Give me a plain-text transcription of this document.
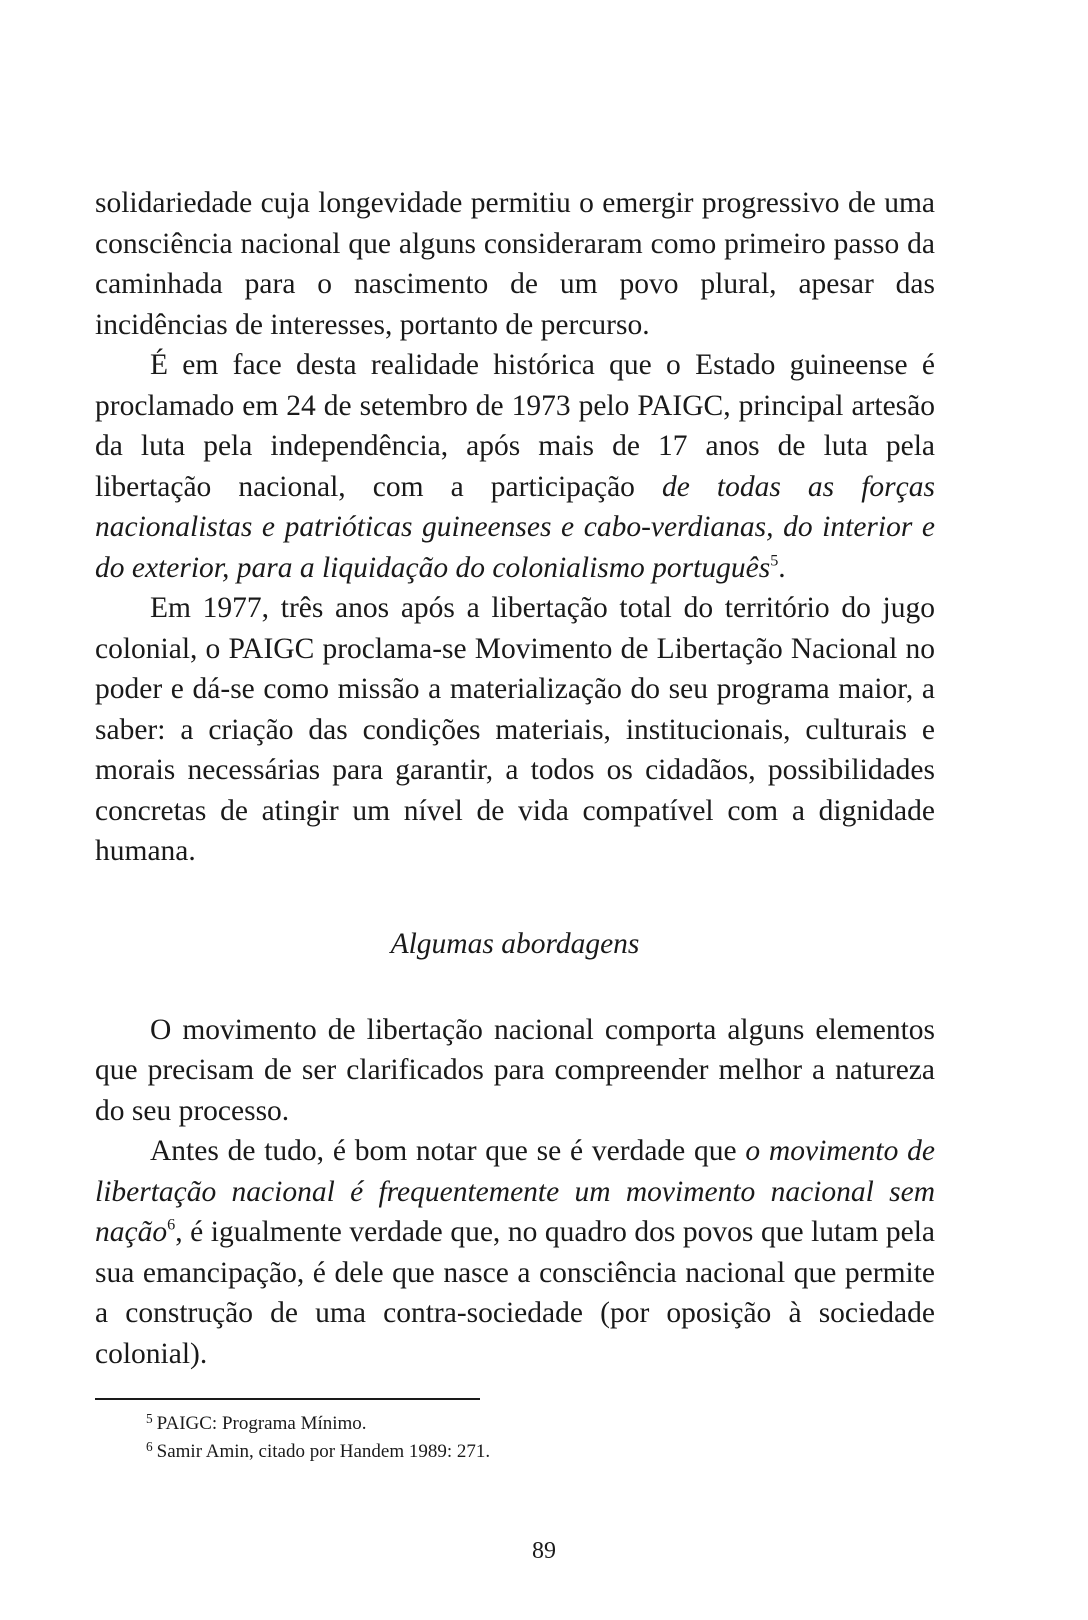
solidariedade cuja longevidade permitiu o emergir progressivo de uma consciência nacional que alguns consideraram como primeiro passo da caminhada para o nascimento de um povo plural, apesar das incidências de interesses, portanto de percurso.

É em face desta realidade histórica que o Estado guineense é proclamado em 24 de setembro de 1973 pelo PAIGC, principal artesão da luta pela independência, após mais de 17 anos de luta pela libertação nacional, com a participação de todas as forças nacionalistas e patrióticas guineenses e cabo-verdianas, do interior e do exterior, para a liquidação do colonialismo português$^5$.

Em 1977, três anos após a libertação total do território do jugo colonial, o PAIGC proclama-se Movimento de Libertação Nacional no poder e dá-se como missão a materialização do seu programa maior, a saber: a criação das condições materiais, institucionais, culturais e morais necessárias para garantir, a todos os cidadãos, possibilidades concretas de atingir um nível de vida compatível com a dignidade humana.

Algumas abordagens

O movimento de libertação nacional comporta alguns elementos que precisam de ser clarificados para compreender melhor a natureza do seu processo.

Antes de tudo, é bom notar que se é verdade que o movimento de libertação nacional é frequentemente um movimento nacional sem nação$^6$, é igualmente verdade que, no quadro dos povos que lutam pela sua emancipação, é dele que nasce a consciência nacional que permite a construção de uma contra-sociedade (por oposição à sociedade colonial).

$^5$ PAIGC: Programa Mínimo.
$^6$ Samir Amin, citado por Handem 1989: 271.
89
